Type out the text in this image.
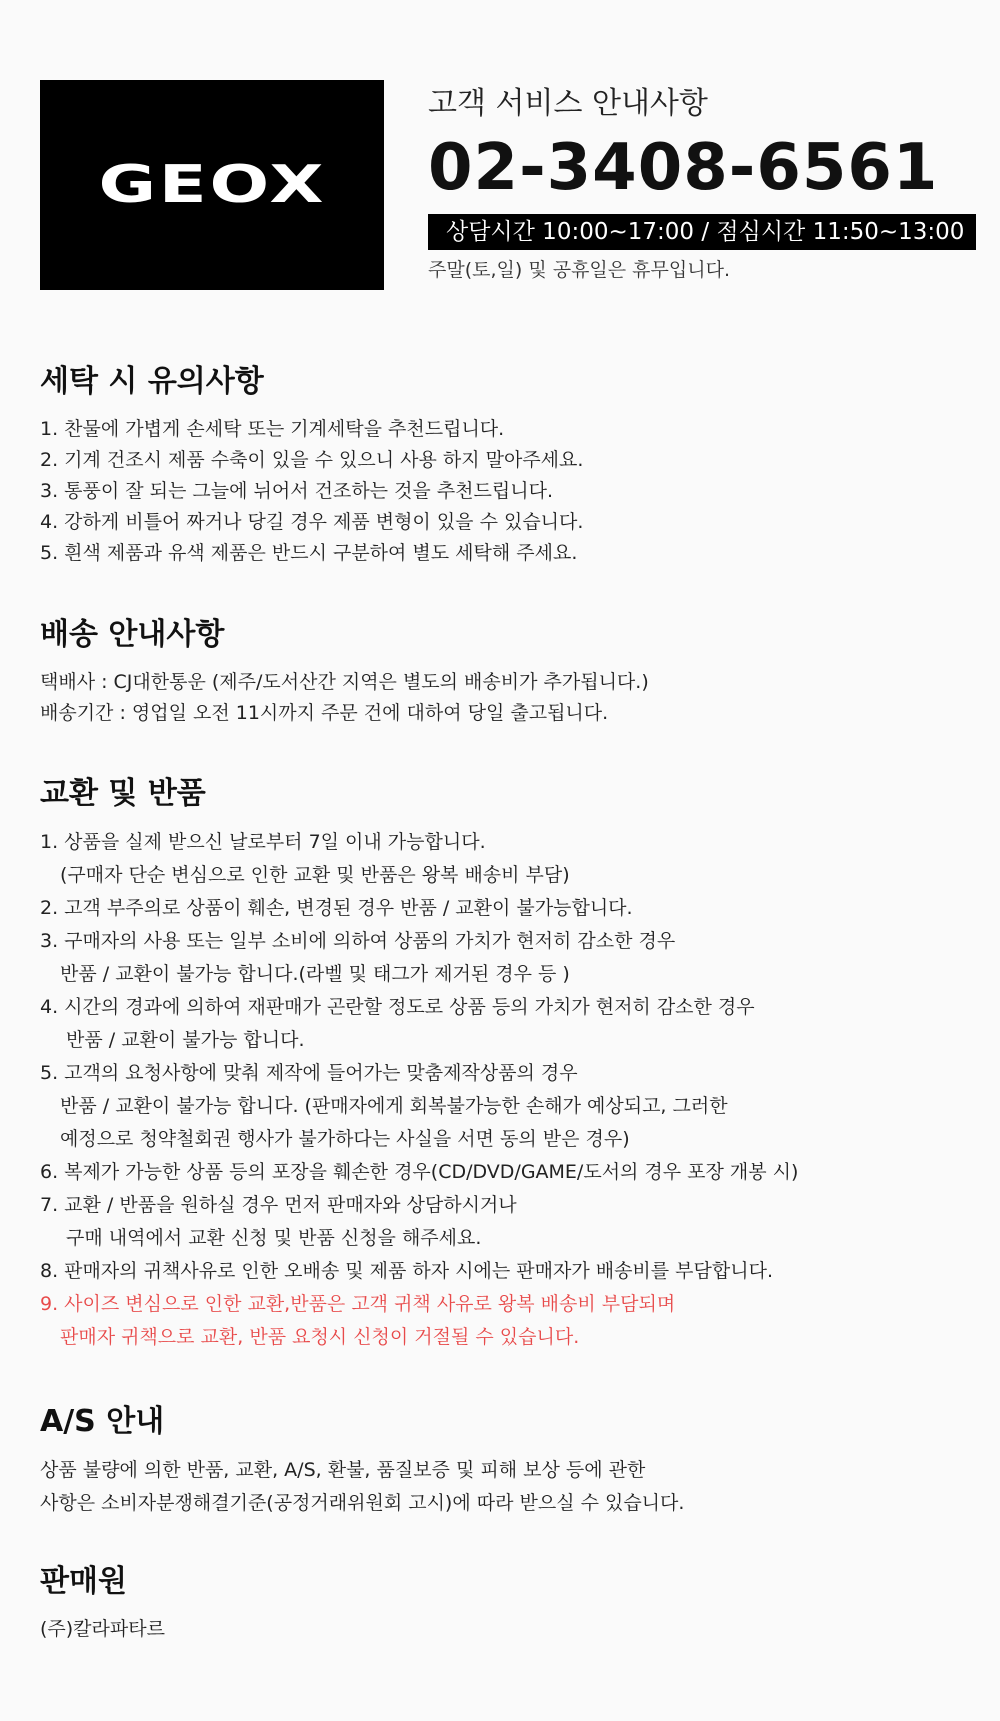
GEOX
고객 서비스 안내사항
02-3408-6561
상담시간 10:00~17:00 / 점심시간 11:50~13:00
주말(토,일) 및 공휴일은 휴무입니다.
세탁 시 유의사항
1. 찬물에 가볍게 손세탁 또는 기계세탁을 추천드립니다.
2. 기계 건조시 제품 수축이 있을 수 있으니 사용 하지 말아주세요.
3. 통풍이 잘 되는 그늘에 뉘어서 건조하는 것을 추천드립니다.
4. 강하게 비틀어 짜거나 당길 경우 제품 변형이 있을 수 있습니다.
5. 흰색 제품과 유색 제품은 반드시 구분하여 별도 세탁해 주세요.
배송 안내사항
택배사 : CJ대한통운 (제주/도서산간 지역은 별도의 배송비가 추가됩니다.)
배송기간 : 영업일 오전 11시까지 주문 건에 대하여 당일 출고됩니다.
교환 및 반품
1. 상품을 실제 받으신 날로부터 7일 이내 가능합니다.
(구매자 단순 변심으로 인한 교환 및 반품은 왕복 배송비 부담)
2. 고객 부주의로 상품이 훼손, 변경된 경우 반품 / 교환이 불가능합니다.
3. 구매자의 사용 또는 일부 소비에 의하여 상품의 가치가 현저히 감소한 경우
반품 / 교환이 불가능 합니다.(라벨 및 태그가 제거된 경우 등 )
4. 시간의 경과에 의하여 재판매가 곤란할 정도로 상품 등의 가치가 현저히 감소한 경우
반품 / 교환이 불가능 합니다.
5. 고객의 요청사항에 맞춰 제작에 들어가는 맞춤제작상품의 경우
반품 / 교환이 불가능 합니다. (판매자에게 회복불가능한 손해가 예상되고, 그러한
예정으로 청약철회권 행사가 불가하다는 사실을 서면 동의 받은 경우)
6. 복제가 가능한 상품 등의 포장을 훼손한 경우(CD/DVD/GAME/도서의 경우 포장 개봉 시)
7. 교환 / 반품을 원하실 경우 먼저 판매자와 상담하시거나
구매 내역에서 교환 신청 및 반품 신청을 해주세요.
8. 판매자의 귀책사유로 인한 오배송 및 제품 하자 시에는 판매자가 배송비를 부담합니다.
9. 사이즈 변심으로 인한 교환,반품은 고객 귀책 사유로 왕복 배송비 부담되며
판매자 귀책으로 교환, 반품 요청시 신청이 거절될 수 있습니다.
A/S 안내
상품 불량에 의한 반품, 교환, A/S, 환불, 품질보증 및 피해 보상 등에 관한
사항은 소비자분쟁해결기준(공정거래위원회 고시)에 따라 받으실 수 있습니다.
판매원
(주)칼라파타르
